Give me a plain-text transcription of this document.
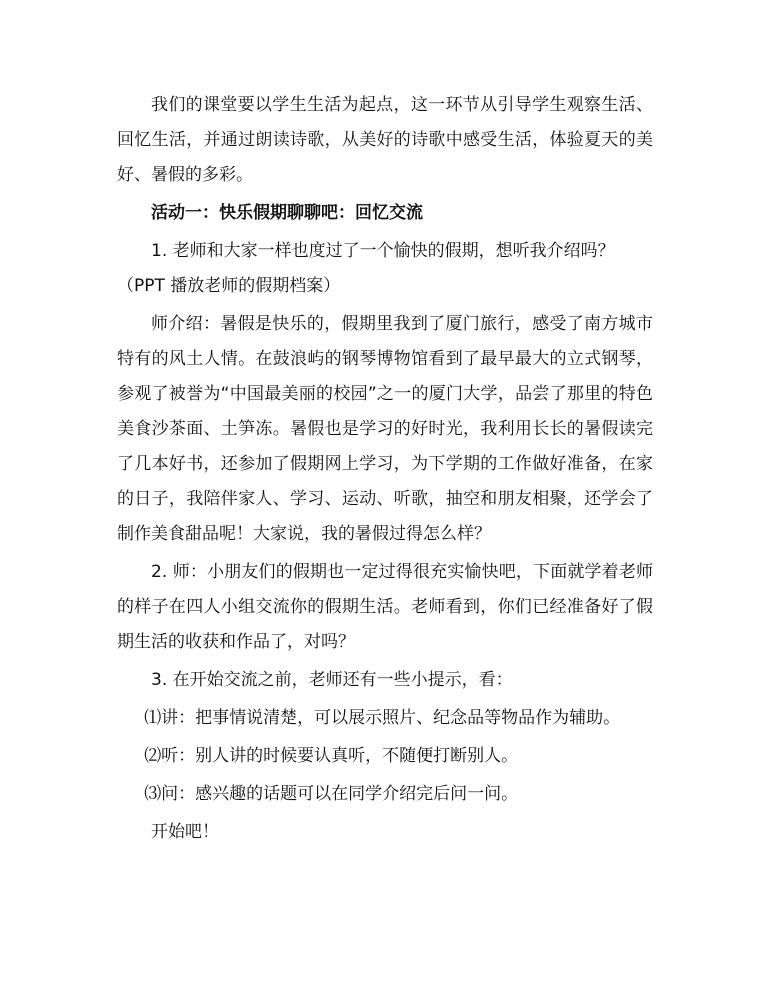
我们的课堂要以学生生活为起点，这一环节从引导学生观察生活、回忆生活，并通过朗读诗歌，从美好的诗歌中感受生活，体验夏天的美好、暑假的多彩。

活动一：快乐假期聊聊吧：回忆交流

1. 老师和大家一样也度过了一个愉快的假期，想听我介绍吗？

（PPT 播放老师的假期档案）

师介绍：暑假是快乐的，假期里我到了厦门旅行，感受了南方城市特有的风土人情。在鼓浪屿的钢琴博物馆看到了最早最大的立式钢琴，参观了被誉为“中国最美丽的校园”之一的厦门大学，品尝了那里的特色美食沙茶面、土笋冻。暑假也是学习的好时光，我利用长长的暑假读完了几本好书，还参加了假期网上学习，为下学期的工作做好准备，在家的日子，我陪伴家人、学习、运动、听歌，抽空和朋友相聚，还学会了制作美食甜品呢！大家说，我的暑假过得怎么样？

2. 师：小朋友们的假期也一定过得很充实愉快吧，下面就学着老师的样子在四人小组交流你的假期生活。老师看到，你们已经准备好了假期生活的收获和作品了，对吗？

3. 在开始交流之前，老师还有一些小提示，看：

⑴讲：把事情说清楚，可以展示照片、纪念品等物品作为辅助。

⑵听：别人讲的时候要认真听，不随便打断别人。

⑶问：感兴趣的话题可以在同学介绍完后问一问。

开始吧！
